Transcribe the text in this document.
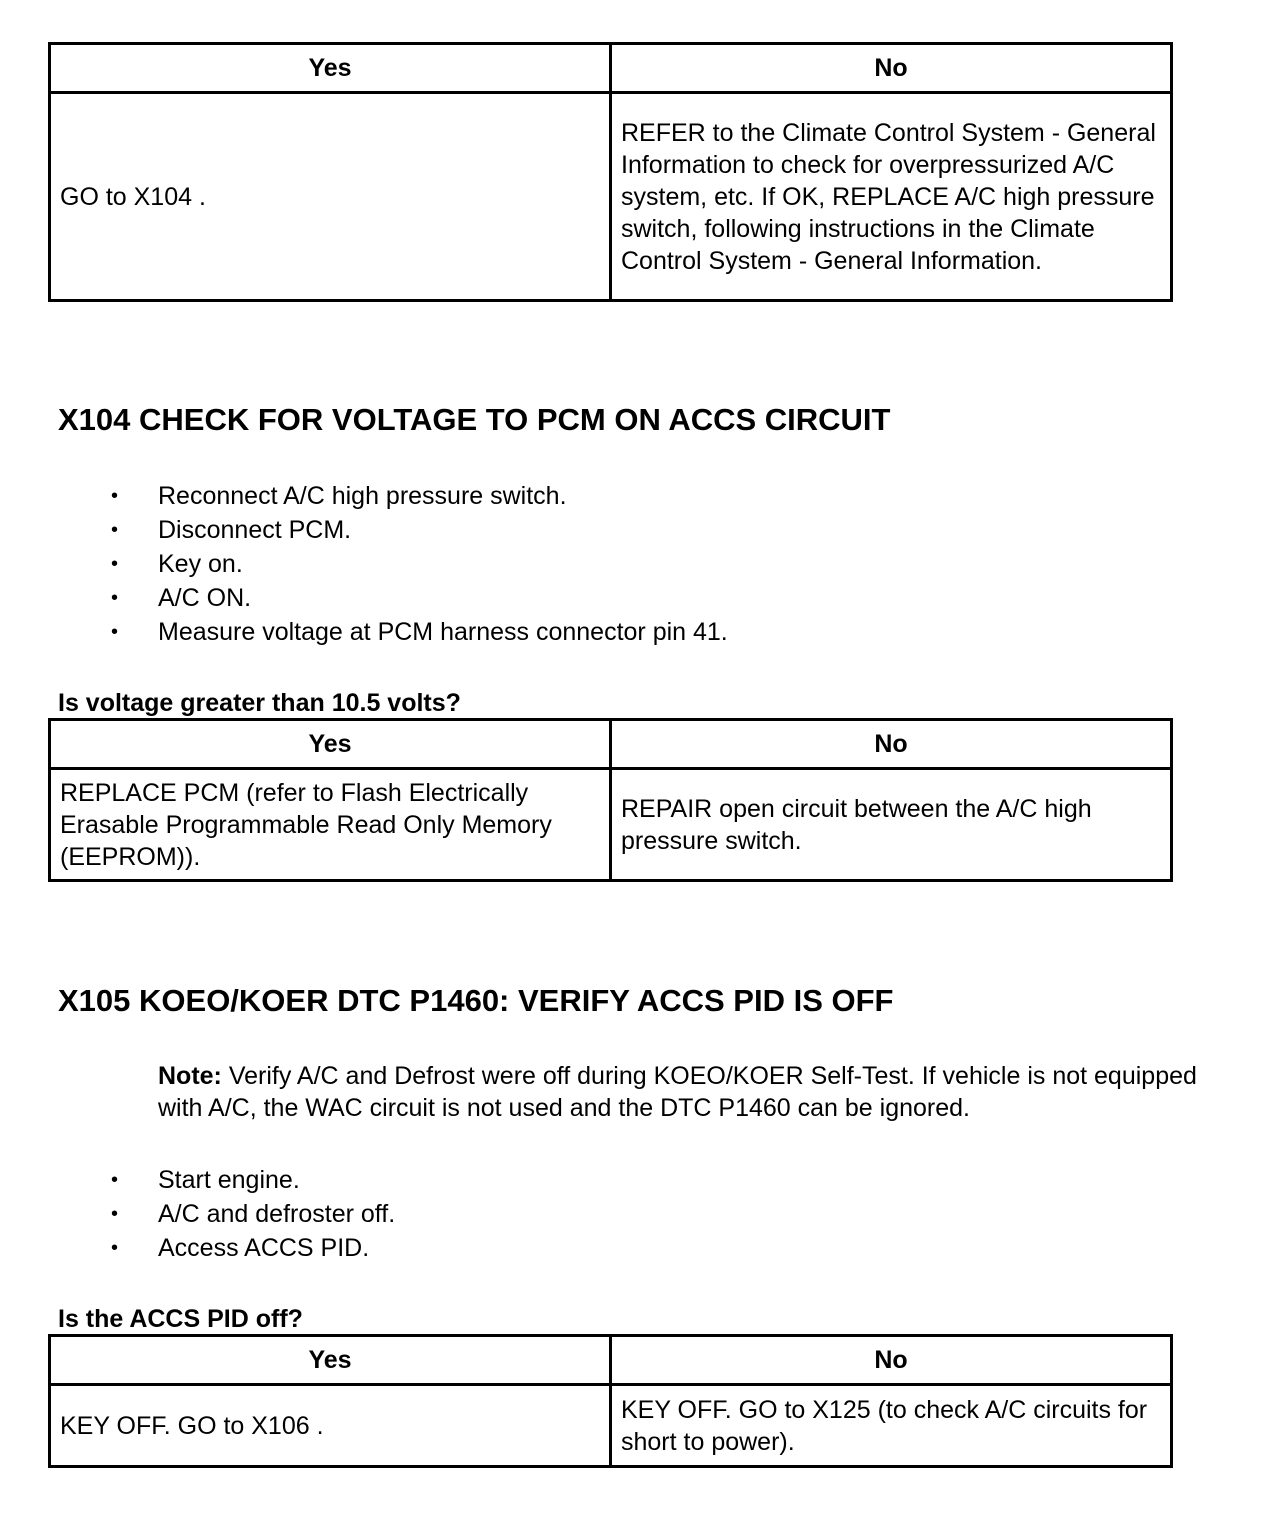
Yes	No
GO to X104 .	REFER to the Climate Control System - General Information to check for overpressurized A/C system, etc. If OK, REPLACE A/C high pressure switch, following instructions in the Climate Control System - General Information.
X104 CHECK FOR VOLTAGE TO PCM ON ACCS CIRCUIT
• Reconnect A/C high pressure switch.
• Disconnect PCM.
• Key on.
• A/C ON.
• Measure voltage at PCM harness connector pin 41.

Is voltage greater than 10.5 volts?

Yes	No
REPLACE PCM (refer to Flash Electrically Erasable Programmable Read Only Memory (EEPROM)).	REPAIR open circuit between the A/C high pressure switch.
X105 KOEO/KOER DTC P1460: VERIFY ACCS PID IS OFF

Note: Verify A/C and Defrost were off during KOEO/KOER Self-Test. If vehicle is not equipped with A/C, the WAC circuit is not used and the DTC P1460 can be ignored.

• Start engine.
• A/C and defroster off.
• Access ACCS PID.

Is the ACCS PID off?

Yes	No
KEY OFF. GO to X106 .	KEY OFF. GO to X125 (to check A/C circuits for short to power).
